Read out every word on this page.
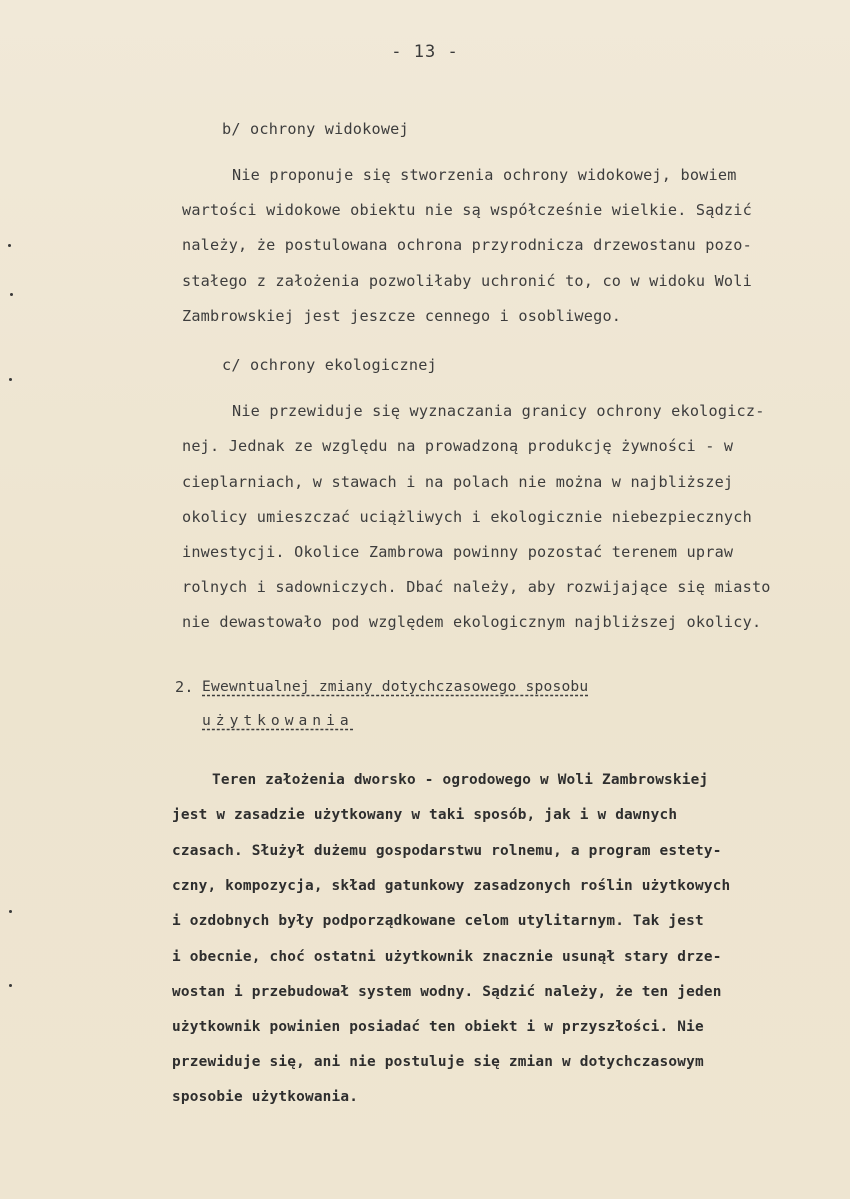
- 13 -
b/ ochrony widokowej
Nie proponuje się stworzenia ochrony widokowej, bowiem
wartości widokowe obiektu nie są współcześnie wielkie. Sądzić
należy, że postulowana ochrona przyrodnicza drzewostanu pozo-
stałego z założenia pozwoliłaby uchronić to, co w widoku Woli
Zambrowskiej jest jeszcze cennego i osobliwego.
c/ ochrony ekologicznej
Nie przewiduje się wyznaczania granicy ochrony ekologicz-
nej. Jednak ze względu na prowadzoną produkcję żywności - w
cieplarniach, w stawach i na polach nie można w najbliższej
okolicy umieszczać uciążliwych i ekologicznie niebezpiecznych
inwestycji. Okolice Zambrowa powinny pozostać terenem upraw
rolnych i sadowniczych. Dbać należy, aby rozwijające się miasto
nie dewastowało pod względem ekologicznym najbliższej okolicy.
2. Ewewntualnej zmiany dotychczasowego sposobu
użytkowania
Teren założenia dworsko - ogrodowego w Woli Zambrowskiej
jest w zasadzie użytkowany w taki sposób, jak i w dawnych
czasach. Służył dużemu gospodarstwu rolnemu, a program estety-
czny, kompozycja, skład gatunkowy zasadzonych roślin użytkowych
i ozdobnych były podporządkowane celom utylitarnym. Tak jest
i obecnie, choć ostatni użytkownik znacznie usunął stary drze-
wostan i przebudował system wodny. Sądzić należy, że ten jeden
użytkownik powinien posiadać ten obiekt i w przyszłości. Nie
przewiduje się, ani nie postuluje się zmian w dotychczasowym
sposobie użytkowania.
